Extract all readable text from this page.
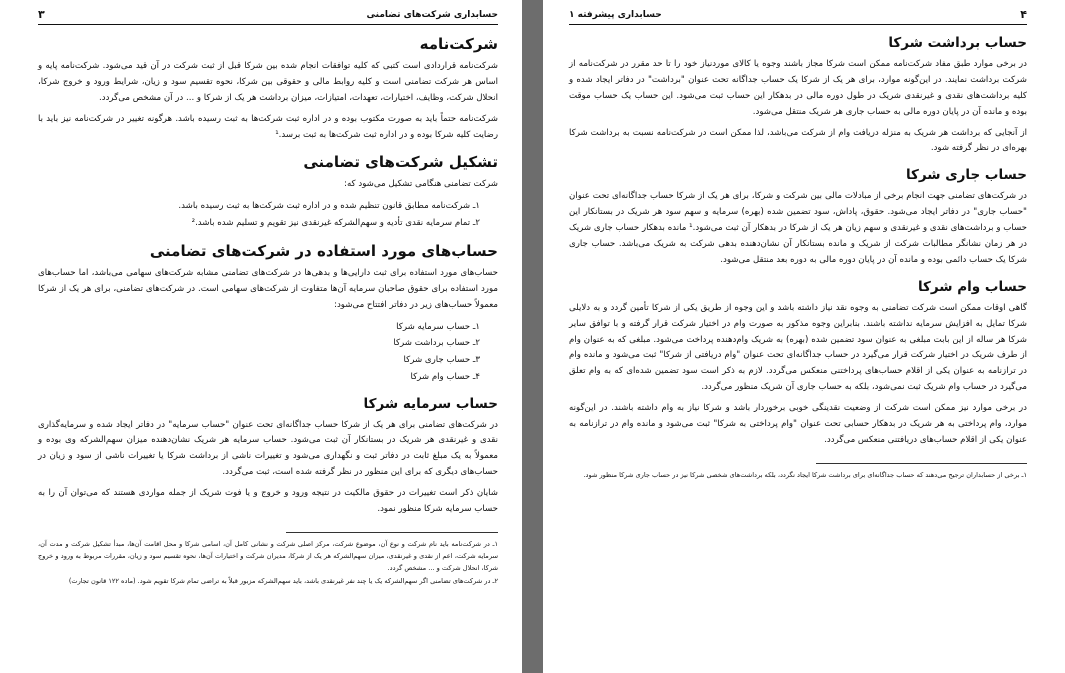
حسابداری شرکت‌های تضامنی
۳
شرکت‌نامه

شرکت‌نامه قراردادی است کتبی که کلیه توافقات انجام شده بین شرکا قبل از ثبت شرکت در آن قید می‌شود. شرکت‌نامه پایه و اساس هر شرکت تضامنی است و کلیه روابط مالی و حقوقی بین شرکا، نحوه تقسیم سود و زیان، شرایط ورود و خروج شرکا، انحلال شرکت، وظایف، اختیارات، تعهدات، امتیازات، میزان برداشت هر یک از شرکا و ... در آن مشخص می‌گردد.

شرکت‌نامه حتماً باید به صورت مکتوب بوده و در اداره ثبت شرکت‌ها به ثبت رسیده باشد. هرگونه تغییر در شرکت‌نامه نیز باید با رضایت کلیه شرکا بوده و در اداره ثبت شرکت‌ها به ثبت برسد.¹

تشکیل شرکت‌های تضامنی

شرکت تضامنی هنگامی تشکیل می‌شود که:

۱ـ شرکت‌نامه مطابق قانون تنظیم شده و در اداره ثبت شرکت‌ها به ثبت رسیده باشد.
۲ـ تمام سرمایه نقدی تأدیه و سهم‌الشرکه غیرنقدی نیز تقویم و تسلیم شده باشد.²
حساب‌های مورد استفاده در شرکت‌های تضامنی

حساب‌های مورد استفاده برای ثبت دارایی‌ها و بدهی‌ها در شرکت‌های تضامنی مشابه شرکت‌های سهامی می‌باشد، اما حساب‌های مورد استفاده برای حقوق صاحبان سرمایه آن‌ها متفاوت از شرکت‌های سهامی است. در شرکت‌های تضامنی، برای هر یک از شرکا معمولاً حساب‌های زیر در دفاتر افتتاح می‌شود:

۱ـ حساب سرمایه شرکا
۲ـ حساب برداشت شرکا
۳ـ حساب جاری شرکا
۴ـ حساب وام شرکا
حساب سرمایه شرکا

در شرکت‌های تضامنی برای هر یک از شرکا حساب جداگانه‌ای تحت عنوان "حساب سرمایه" در دفاتر ایجاد شده و سرمایه‌گذاری نقدی و غیرنقدی هر شریک در بستانکار آن ثبت می‌شود. حساب سرمایه هر شریک نشان‌دهنده میزان سهم‌الشرکه وی بوده و معمولاً به یک مبلغ ثابت در دفاتر ثبت و نگهداری می‌شود و تغییرات ناشی از برداشت شرکا یا تغییرات ناشی از سود و زیان در حساب‌های دیگری که برای این منظور در نظر گرفته شده است، ثبت می‌گردد.

شایان ذکر است تغییرات در حقوق مالکیت در نتیجه ورود و خروج و یا فوت شریک از جمله مواردی هستند که می‌توان آن را به حساب سرمایه شرکا منظور نمود.

۱ـ در شرکت‌نامه باید نام شرکت و نوع آن، موضوع شرکت، مرکز اصلی شرکت و نشانی کامل آن، اسامی شرکا و محل اقامت آن‌ها، مبدأ تشکیل شرکت و مدت آن، سرمایه شرکت، اعم از نقدی و غیرنقدی، میزان سهم‌الشرکه هر یک از شرکا، مدیران شرکت و اختیارات آن‌ها، نحوه تقسیم سود و زیان، مقررات مربوط به ورود و خروج شرکا، انحلال شرکت و ... مشخص گردد.

۲ـ در شرکت‌های تضامنی اگر سهم‌الشرکه یک یا چند نفر غیرنقدی باشد، باید سهم‌الشرکه مزبور قبلاً به تراضی تمام شرکا تقویم شود. (ماده ۱۲۲ قانون تجارت)

۴
حسابداری پیشرفته ۱
حساب برداشت شرکا

در برخی موارد طبق مفاد شرکت‌نامه ممکن است شرکا مجاز باشند وجوه یا کالای موردنیاز خود را تا حد مقرر در شرکت‌نامه از شرکت برداشت نمایند. در این‌گونه موارد، برای هر یک از شرکا یک حساب جداگانه تحت عنوان "برداشت" در دفاتر ایجاد شده و کلیه برداشت‌های نقدی و غیرنقدی شریک در طول دوره مالی در بدهکار این حساب ثبت می‌شود. این حساب یک حساب موقت بوده و مانده آن در پایان دوره مالی به حساب جاری هر شریک منتقل می‌شود.

از آنجایی که برداشت هر شریک به منزله دریافت وام از شرکت می‌باشد، لذا ممکن است در شرکت‌نامه نسبت به برداشت شرکا بهره‌ای در نظر گرفته شود.

حساب جاری شرکا

در شرکت‌های تضامنی جهت انجام برخی از مبادلات مالی بین شرکت و شرکا، برای هر یک از شرکا حساب جداگانه‌ای تحت عنوان "حساب جاری" در دفاتر ایجاد می‌شود. حقوق، پاداش، سود تضمین شده (بهره) سرمایه و سهم سود هر شریک در بستانکار این حساب و برداشت‌های نقدی و غیرنقدی و سهم زیان هر یک از شرکا در بدهکار آن ثبت می‌شود.¹ مانده بدهکار حساب جاری شریک در هر زمان نشانگر مطالبات شرکت از شریک و مانده بستانکار آن نشان‌دهنده بدهی شرکت به شریک می‌باشد. حساب جاری شرکا یک حساب دائمی بوده و مانده آن در پایان دوره مالی به دوره بعد منتقل می‌شود.

حساب وام شرکا

گاهی اوقات ممکن است شرکت تضامنی به وجوه نقد نیاز داشته باشد و این وجوه از طریق یکی از شرکا تأمین گردد و به دلایلی شرکا تمایل به افزایش سرمایه نداشته باشند. بنابراین وجوه مذکور به صورت وام در اختیار شرکت قرار گرفته و با توافق سایر شرکا هر ساله از این بابت مبلغی به عنوان سود تضمین شده (بهره) به شریک وام‌دهنده پرداخت می‌شود. مبلغی که به عنوان وام از طرف شریک در اختیار شرکت قرار می‌گیرد در حساب جداگانه‌ای تحت عنوان "وام دریافتی از شرکا" ثبت می‌شود و مانده وام در ترازنامه به عنوان یکی از اقلام حساب‌های پرداختنی منعکس می‌گردد. لازم به ذکر است سود تضمین شده‌ای که به وام تعلق می‌گیرد در حساب وام شریک ثبت نمی‌شود، بلکه به حساب جاری آن شریک منظور می‌گردد.

در برخی موارد نیز ممکن است شرکت از وضعیت نقدینگی خوبی برخوردار باشد و شرکا نیاز به وام داشته باشند. در این‌گونه موارد، وام پرداختی به هر شریک در بدهکار حسابی تحت عنوان "وام پرداختی به شرکا" ثبت می‌شود و مانده وام در ترازنامه به عنوان یکی از اقلام حساب‌های دریافتنی منعکس می‌گردد.

۱ـ برخی از حسابداران ترجیح می‌دهند که حساب جداگانه‌ای برای برداشت شرکا ایجاد نگردد، بلکه برداشت‌های شخصی شرکا نیز در حساب جاری شرکا منظور شود.
